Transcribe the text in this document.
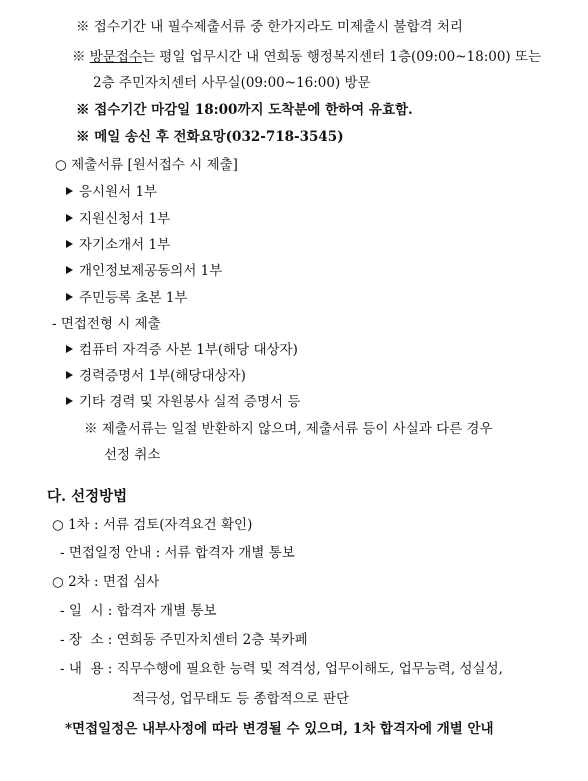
※ 접수기간 내 필수제출서류 중 한가지라도 미제출시 불합격 처리
※ 방문접수는 평일 업무시간 내 연희동 행정복지센터 1층(09:00~18:00) 또는
2층 주민자치센터 사무실(09:00~16:00) 방문
※ 접수기간 마감일 18:00까지 도착분에 한하여 유효함.
※ 메일 송신 후 전화요망(032-718-3545)
○ 제출서류 [원서접수 시 제출]
응시원서 1부
지원신청서 1부
자기소개서 1부
개인정보제공동의서 1부
주민등록 초본 1부
- 면접전형 시 제출
컴퓨터 자격증 사본 1부(해당 대상자)
경력증명서 1부(해당대상자)
기타 경력 및 자원봉사 실적 증명서 등
※ 제출서류는 일절 반환하지 않으며, 제출서류 등이 사실과 다른 경우
선정 취소
다. 선정방법
○ 1차 : 서류 검토(자격요건 확인)
- 면접일정 안내 : 서류 합격자 개별 통보
○ 2차 : 면접 심사
- 일  시 : 합격자 개별 통보
- 장  소 : 연희동 주민자치센터 2층 북카페
- 내  용 : 직무수행에 필요한 능력 및 적격성, 업무이해도, 업무능력, 성실성,
적극성, 업무태도 등 종합적으로 판단
*면접일정은 내부사정에 따라 변경될 수 있으며, 1차 합격자에 개별 안내
